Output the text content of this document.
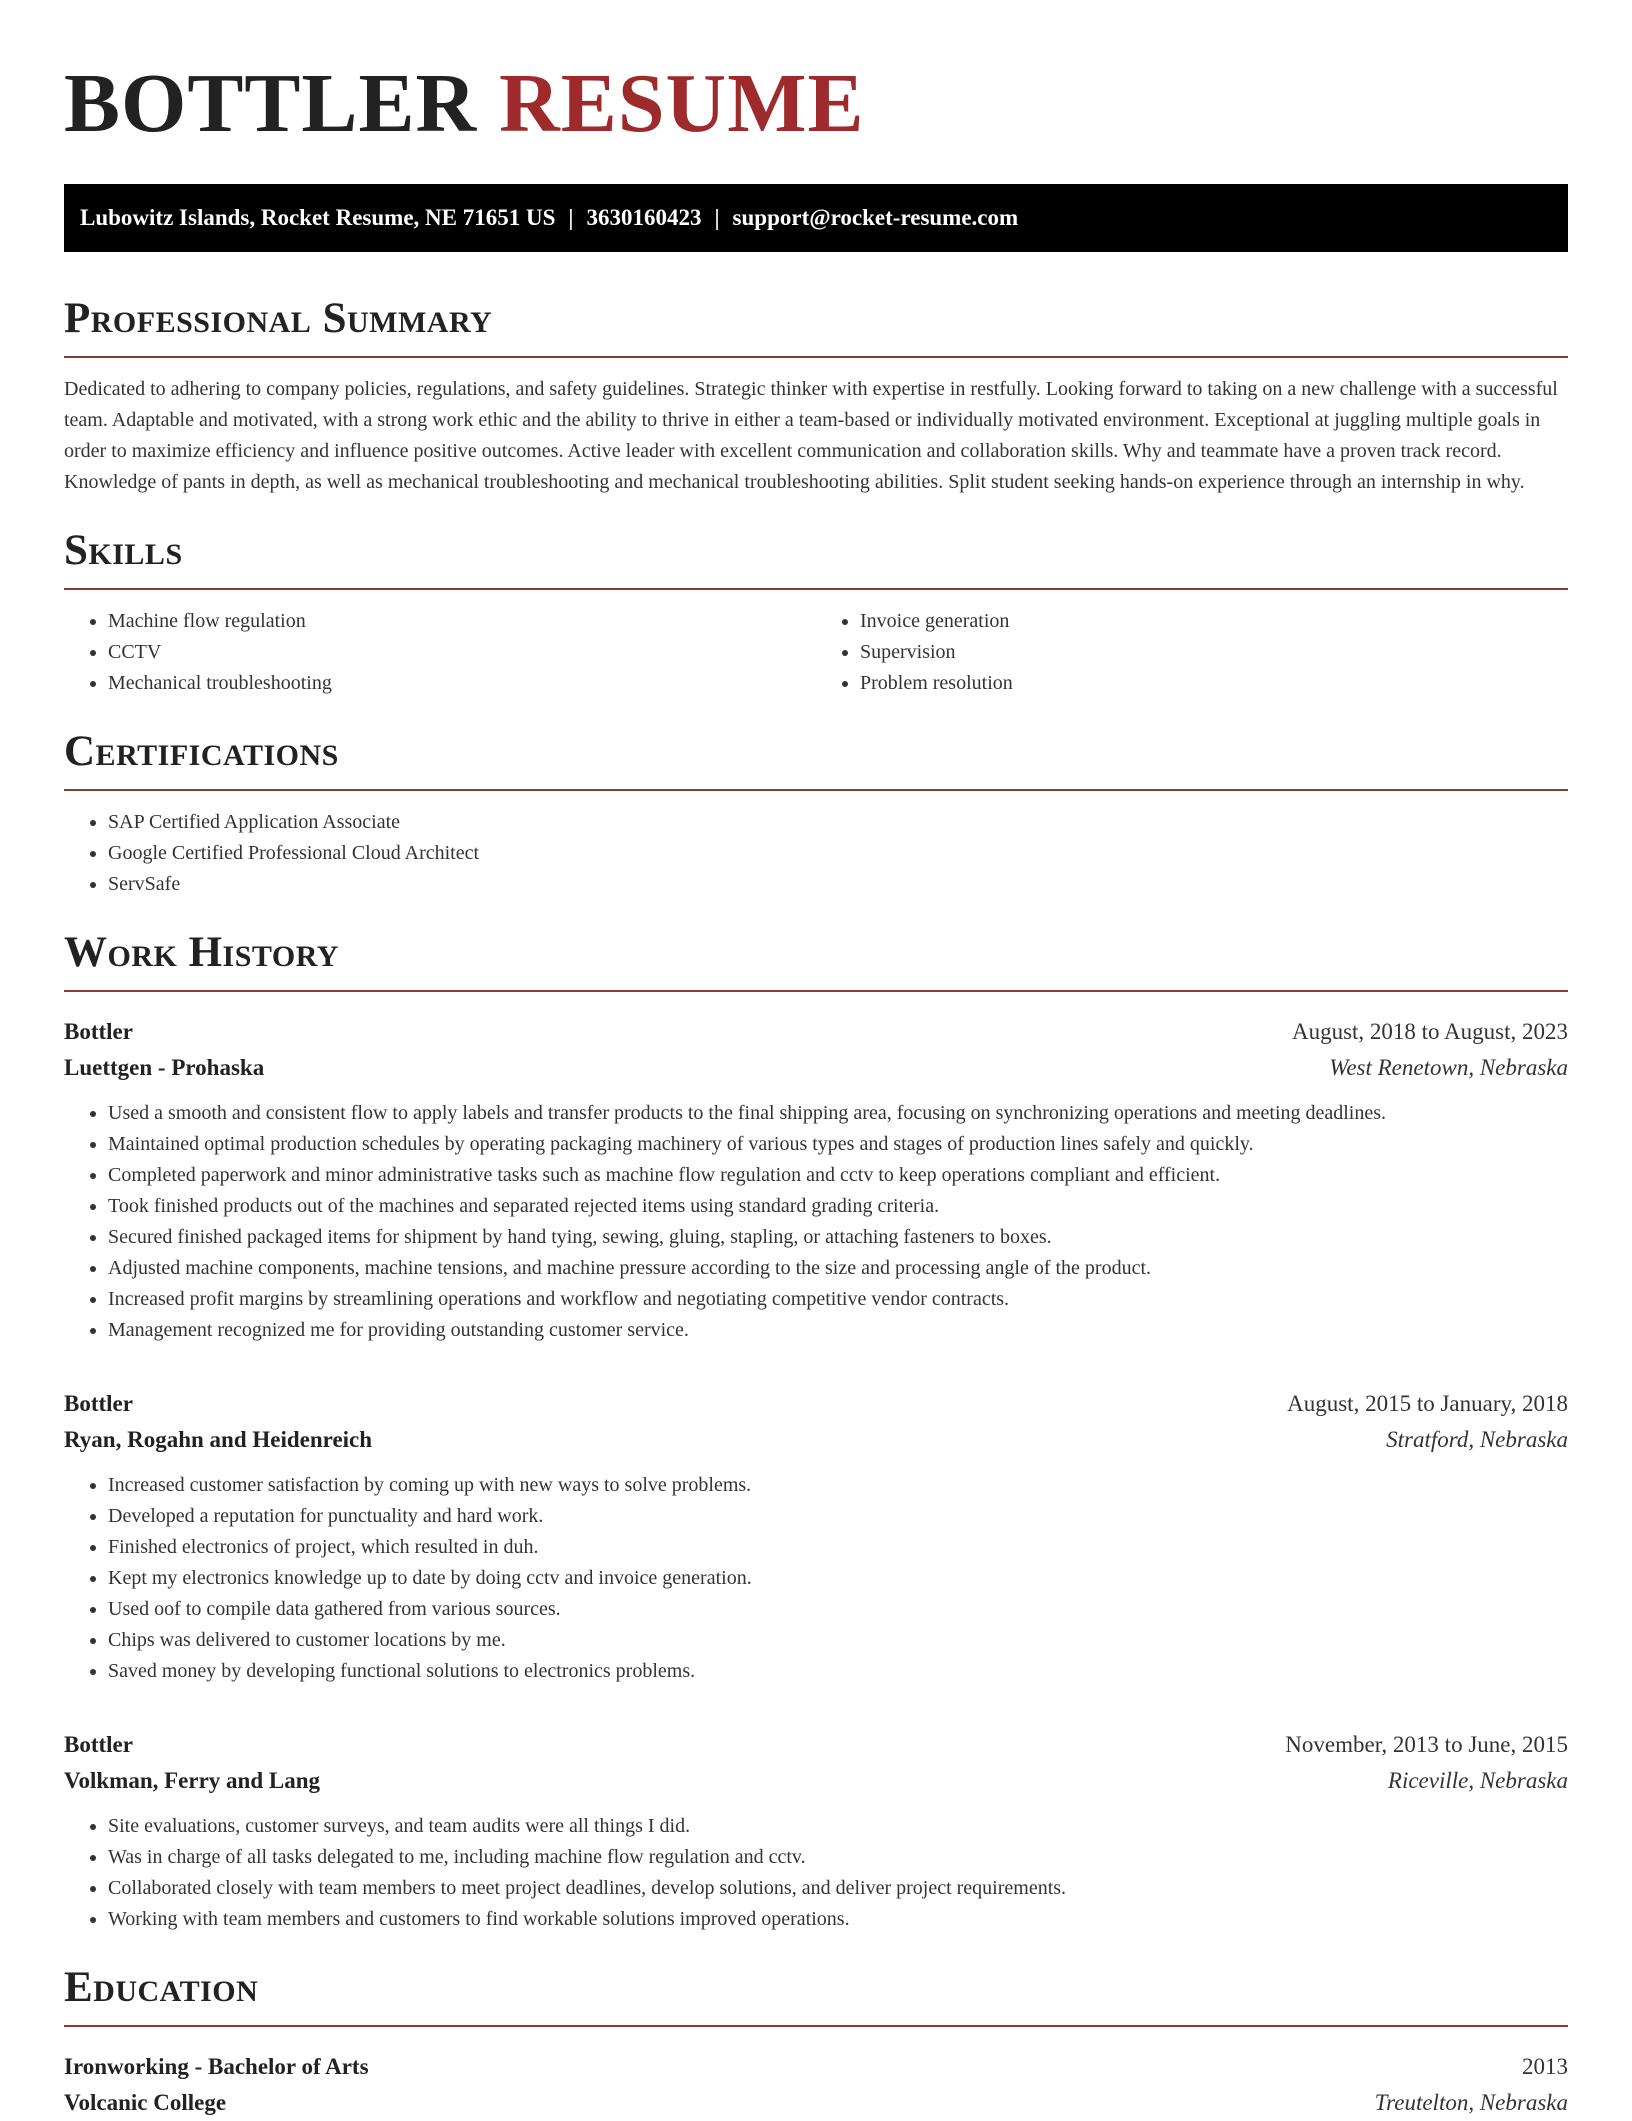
BOTTLER RESUME
Lubowitz Islands, Rocket Resume, NE 71651 US | 3630160423 | support@rocket-resume.com
Professional Summary

Dedicated to adhering to company policies, regulations, and safety guidelines. Strategic thinker with expertise in restfully. Looking forward to taking on a new challenge with a successful team. Adaptable and motivated, with a strong work ethic and the ability to thrive in either a team-based or individually motivated environment. Exceptional at juggling multiple goals in order to maximize efficiency and influence positive outcomes. Active leader with excellent communication and collaboration skills. Why and teammate have a proven track record. Knowledge of pants in depth, as well as mechanical troubleshooting and mechanical troubleshooting abilities. Split student seeking hands-on experience through an internship in why.

Skills
• Machine flow regulation
• CCTV
• Mechanical troubleshooting
• Invoice generation
• Supervision
• Problem resolution
Certifications
• SAP Certified Application Associate
• Google Certified Professional Cloud Architect
• ServSafe
Work History
Bottler	August, 2018 to August, 2023
Luettgen - Prohaska	West Renetown, Nebraska
• Used a smooth and consistent flow to apply labels and transfer products to the final shipping area, focusing on synchronizing operations and meeting deadlines.
• Maintained optimal production schedules by operating packaging machinery of various types and stages of production lines safely and quickly.
• Completed paperwork and minor administrative tasks such as machine flow regulation and cctv to keep operations compliant and efficient.
• Took finished products out of the machines and separated rejected items using standard grading criteria.
• Secured finished packaged items for shipment by hand tying, sewing, gluing, stapling, or attaching fasteners to boxes.
• Adjusted machine components, machine tensions, and machine pressure according to the size and processing angle of the product.
• Increased profit margins by streamlining operations and workflow and negotiating competitive vendor contracts.
• Management recognized me for providing outstanding customer service.
Bottler	August, 2015 to January, 2018
Ryan, Rogahn and Heidenreich	Stratford, Nebraska
• Increased customer satisfaction by coming up with new ways to solve problems.
• Developed a reputation for punctuality and hard work.
• Finished electronics of project, which resulted in duh.
• Kept my electronics knowledge up to date by doing cctv and invoice generation.
• Used oof to compile data gathered from various sources.
• Chips was delivered to customer locations by me.
• Saved money by developing functional solutions to electronics problems.
Bottler	November, 2013 to June, 2015
Volkman, Ferry and Lang	Riceville, Nebraska
• Site evaluations, customer surveys, and team audits were all things I did.
• Was in charge of all tasks delegated to me, including machine flow regulation and cctv.
• Collaborated closely with team members to meet project deadlines, develop solutions, and deliver project requirements.
• Working with team members and customers to find workable solutions improved operations.
Education
Ironworking - Bachelor of Arts	2013
Volcanic College	Treutelton, Nebraska
